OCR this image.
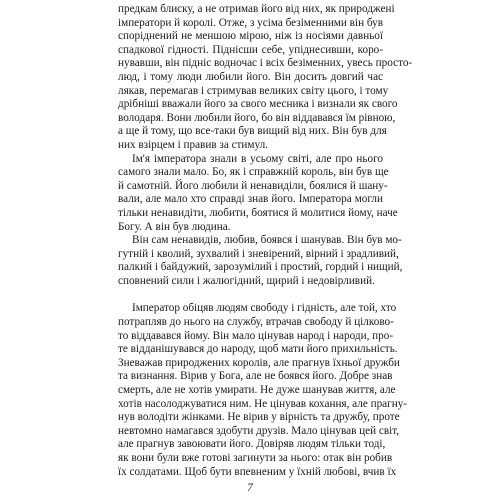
предкам блиску, а не отримав його від них, як природжені
імператори й королі. Отже, з усіма безіменними він був
споріднений не меншою мірою, ніж із носіями давньої
спадкової гідності. Піднісши себе, упіднесивши, коро-
нувавши, він підніс водночас і всіх безіменних, увесь просто-
люд, і тому люди любили його. Він досить довгий час
лякав, перемагав і стримував великих світу цього, і тому
дрібніші вважали його за свого месника і визнали як свого
володаря. Вони любили його, бо він віддавався їм рівною,
а ще й тому, що все-таки був вищий від них. Він був для
них взірцем і правив за стимул.

Ім'я імператора знали в усьому світі, але про нього
самого знали мало. Бо, як і справжній король, він був ще
й самотній. Його любили й ненавиділи, боялися й шану-
вали, але мало хто справді знав його. Імператора могли
тільки ненавидіти, любити, боятися й молитися йому, наче
Богу. А він був людина.

Він сам ненавидів, любив, боявся і шанував. Він був мо-
гутній і кволий, зухвалий і зневірений, вірний і зрадливий,
палкий і байдужий, зарозумілий і простий, гордий і нищий,
сповнений сили і жалюгідний, щирий і недовірливий.

Імператор обіцяв людям свободу і гідність, але той, хто
потрапляв до нього на службу, втрачав свободу й цілково-
то віддавався йому. Він мало цінував народ і народи, про-
те відданішувався до народу, щоб мати його прихильність.
Зневажав природжених королів, але прагнув їхньої дружби
та визнання. Вірив у Бога, але не боявся його. Добре знав
смерть, але не хотів умирати. Не дуже шанував життя, але
хотів насолоджуватися ним. Не цінував кохання, але прагну-
нув володіти жінками. Не вірив у вірність та дружбу, проте
невтомно намагався здобути друзів. Мало цінував цей світ,
але прагнув завоювати його. Довіряв людям тільки тоді,
як вони були вже готові загинути за нього: отак він робив
їх солдатами. Щоб бути впевненим у їхній любові, вчив їх

7
